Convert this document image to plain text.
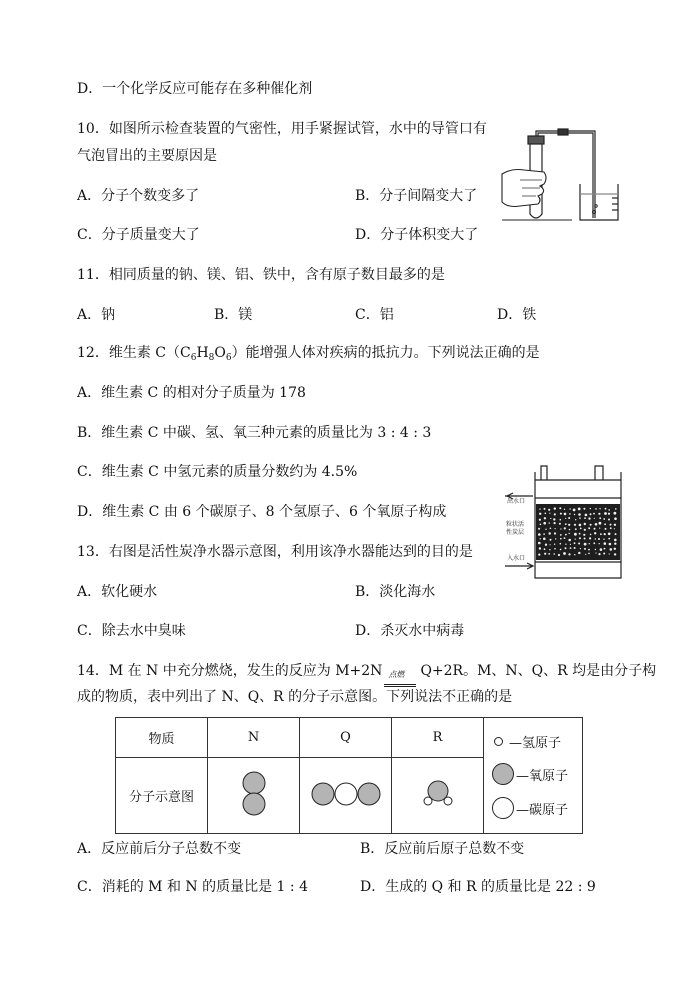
D．一个化学反应可能存在多种催化剂
10．如图所示检查装置的气密性，用手紧握试管，水中的导管口有
气泡冒出的主要原因是
A．分子个数变多了	B．分子间隔变大了
C．分子质量变大了	D．分子体积变大了
11．相同质量的钠、镁、铝、铁中，含有原子数目最多的是
A．钠	B．镁	C．铝	D．铁
12．维生素 $C(C_6H_8O_6)$能增强人体对疾病的抵抗力。下列说法正确的是
A．维生素 C 的相对分子质量为 178
B．维生素 C 中碳、氢、氧三种元素的质量比为 3 : 4 : 3
C．维生素 C 中氢元素的质量分数约为 4.5%
D．维生素 C 由 6 个碳原子、8 个氢原子、6 个氧原子构成
出水口
粒状活
性炭层
入水口
13．右图是活性炭净水器示意图，利用该净水器能达到的目的是
A．软化硬水	B．淡化海水
C．除去水中臭味	D．杀灭水中病毒
14．M 在 N 中充分燃烧，发生的反应为 M+2N 点燃 Q+2R。M、N、Q、R 均是由分子构
成的物质，表中列出了 N、Q、R 的分子示意图。下列说法不正确的是
物质	N	Q	R	—氢原子
—氧原子
—碳原子

分子示意图			
A．反应前后分子总数不变	B．反应前后原子总数不变
C．消耗的 M 和 N 的质量比是 1 : 4	D．生成的 Q 和 R 的质量比是 22 : 9
